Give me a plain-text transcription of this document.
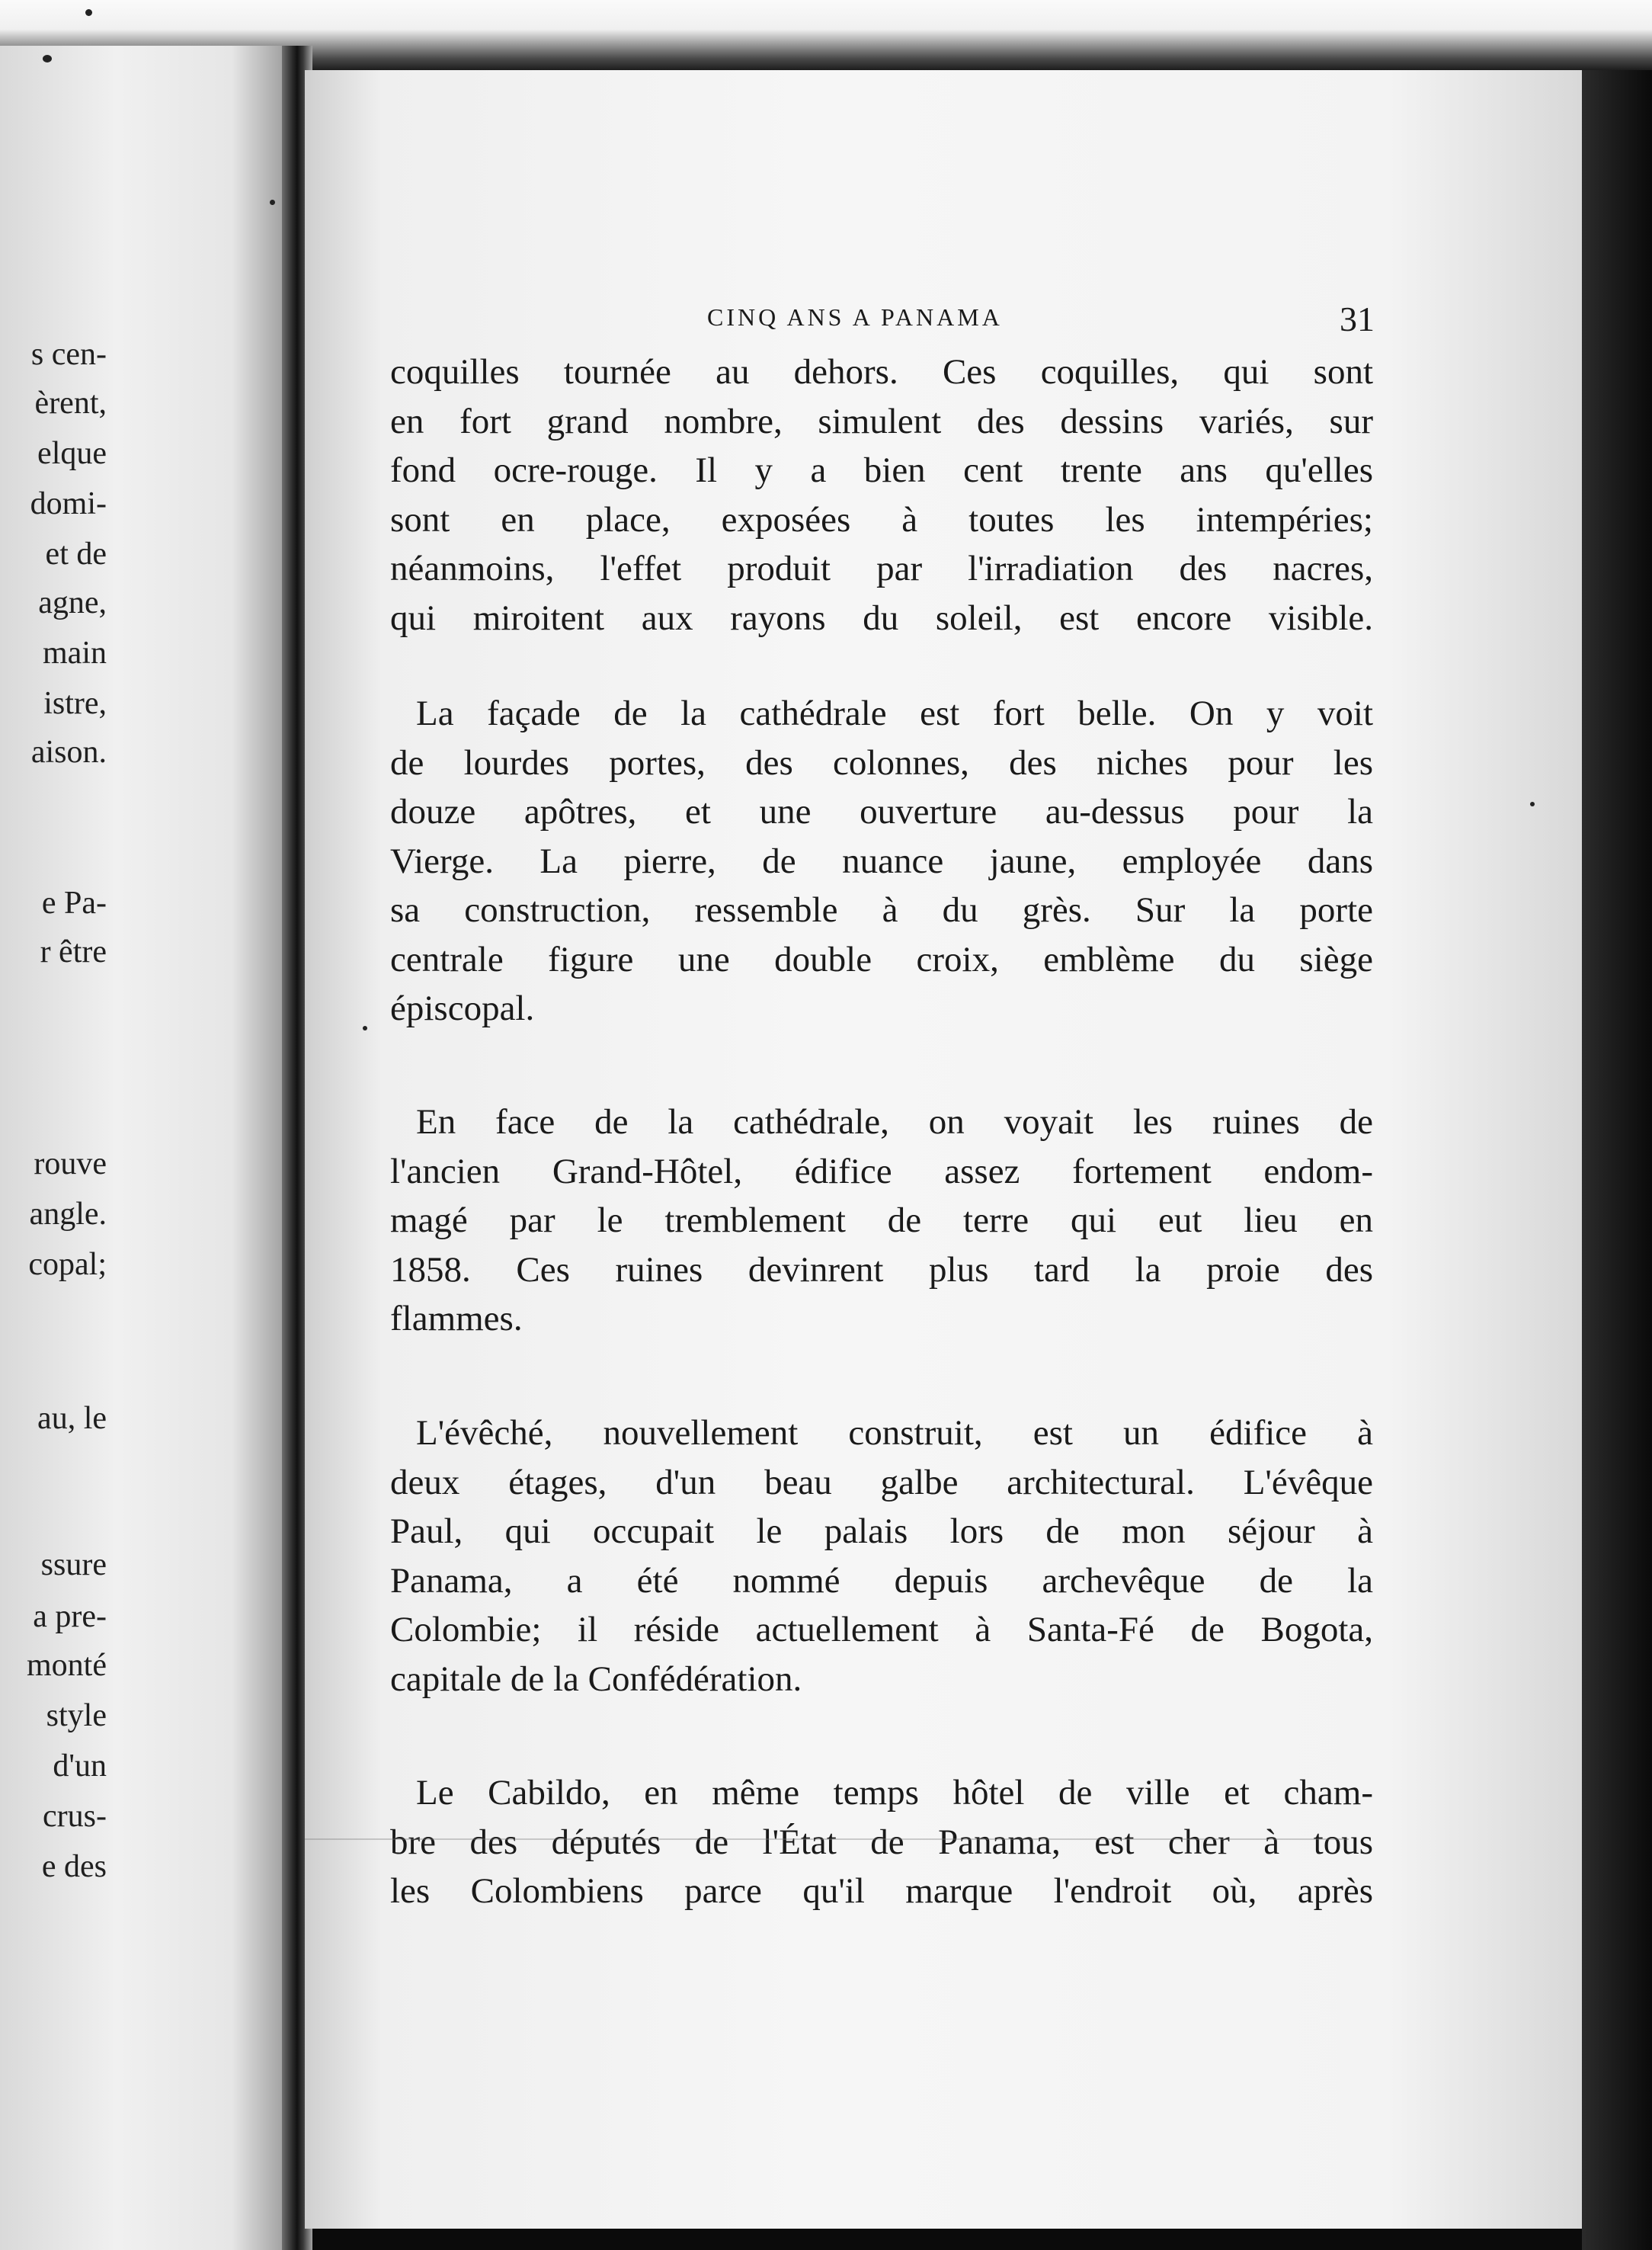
s cen-
èrent,
elque
domi-
et de
agne,
main
istre,
aison.
e Pa-
r être
rouve
angle.
copal;
au, le
ssure
a pre-
monté
style
d'un
crus-
e des
CINQ ANS A PANAMA	31
coquilles tournée au dehors. Ces coquilles, qui sont
en fort grand nombre, simulent des dessins variés, sur
fond ocre-rouge. Il y a bien cent trente ans qu'elles
sont en place, exposées à toutes les intempéries;
néanmoins, l'effet produit par l'irradiation des nacres,
qui miroitent aux rayons du soleil, est encore visible.
La façade de la cathédrale est fort belle. On y voit
de lourdes portes, des colonnes, des niches pour les
douze apôtres, et une ouverture au-dessus pour la
Vierge. La pierre, de nuance jaune, employée dans
sa construction, ressemble à du grès. Sur la porte
centrale figure une double croix, emblème du siège
épiscopal.
En face de la cathédrale, on voyait les ruines de
l'ancien Grand-Hôtel, édifice assez fortement endom-
magé par le tremblement de terre qui eut lieu en
1858. Ces ruines devinrent plus tard la proie des
flammes.
L'évêché, nouvellement construit, est un édifice à
deux étages, d'un beau galbe architectural. L'évêque
Paul, qui occupait le palais lors de mon séjour à
Panama, a été nommé depuis archevêque de la
Colombie; il réside actuellement à Santa-Fé de Bogota,
capitale de la Confédération.
Le Cabildo, en même temps hôtel de ville et cham-
bre des députés de l'État de Panama, est cher à tous
les Colombiens parce qu'il marque l'endroit où, après
